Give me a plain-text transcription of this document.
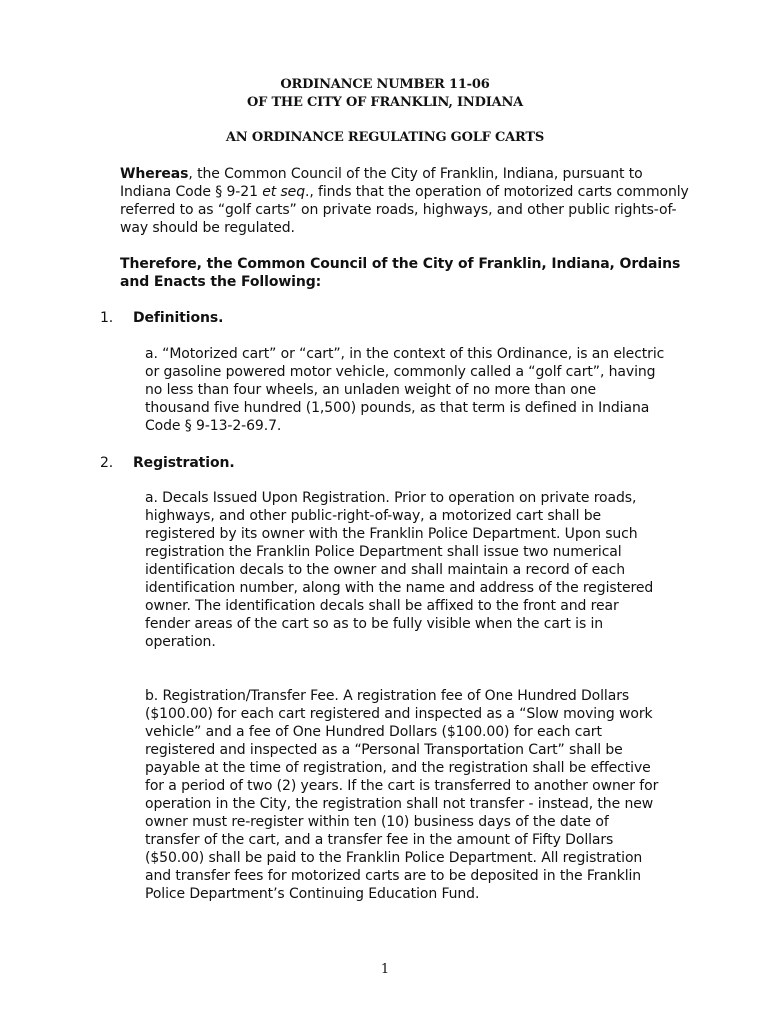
ORDINANCE NUMBER 11-06
OF THE CITY OF FRANKLIN, INDIANA
AN ORDINANCE REGULATING GOLF CARTS

Whereas, the Common Council of the City of Franklin, Indiana, pursuant to Indiana Code § 9-21 et seq., finds that the operation of motorized carts commonly referred to as “golf carts” on private roads, highways, and other public rights-of-way should be regulated.

Therefore, the Common Council of the City of Franklin, Indiana, Ordains and Enacts the Following:

1. Definitions.

a. “Motorized cart” or “cart”, in the context of this Ordinance, is an electric or gasoline powered motor vehicle, commonly called a “golf cart”, having no less than four wheels, an unladen weight of no more than one thousand five hundred (1,500) pounds, as that term is defined in Indiana Code § 9-13-2-69.7.

2. Registration.

a. Decals Issued Upon Registration. Prior to operation on private roads, highways, and other public-right-of-way, a motorized cart shall be registered by its owner with the Franklin Police Department. Upon such registration the Franklin Police Department shall issue two numerical identification decals to the owner and shall maintain a record of each identification number, along with the name and address of the registered owner. The identification decals shall be affixed to the front and rear fender areas of the cart so as to be fully visible when the cart is in operation.

b. Registration/Transfer Fee. A registration fee of One Hundred Dollars ($100.00) for each cart registered and inspected as a “Slow moving work vehicle” and a fee of One Hundred Dollars ($100.00) for each cart registered and inspected as a “Personal Transportation Cart” shall be payable at the time of registration, and the registration shall be effective for a period of two (2) years. If the cart is transferred to another owner for operation in the City, the registration shall not transfer - instead, the new owner must re-register within ten (10) business days of the date of transfer of the cart, and a transfer fee in the amount of Fifty Dollars ($50.00) shall be paid to the Franklin Police Department. All registration and transfer fees for motorized carts are to be deposited in the Franklin Police Department’s Continuing Education Fund.

1
